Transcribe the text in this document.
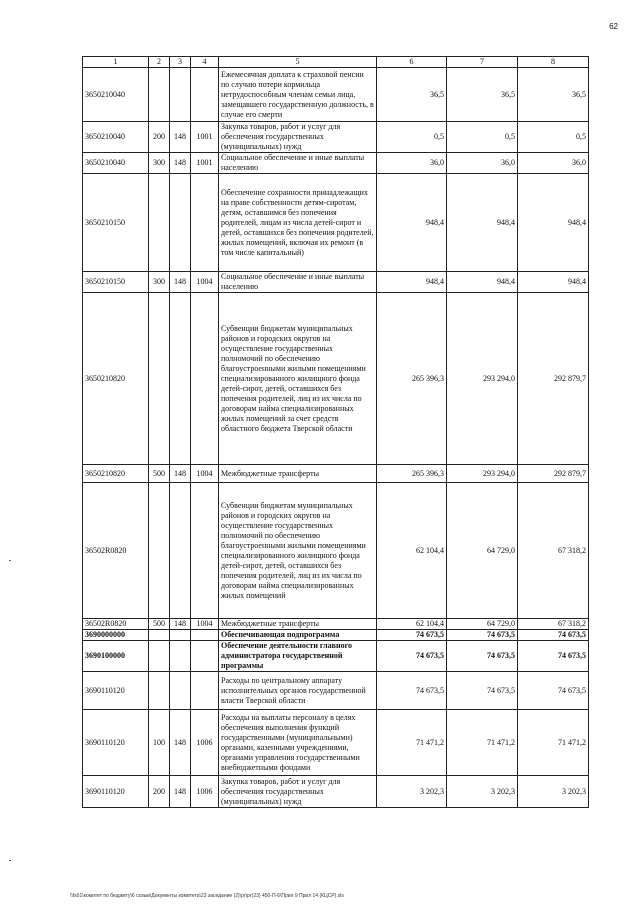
62
1	2	3	4	5	6	7	8
3650210040				Ежемесячная доплата к страховой пенсии по случаю потери кормильца нетрудоспособным членам семьи лица, замещавшего государственную должность, в случае его смерти	36,5	36,5	36,5
3650210040	200	148	1001	Закупка товаров, работ и услуг для обеспечения государственных (муниципальных) нужд	0,5	0,5	0,5
3650210040	300	148	1001	Социальное обеспечение и иные выплаты населению	36,0	36,0	36,0
3650210150				Обеспечение сохранности принадлежащих на праве собственности детям-сиротам, детям, оставшимся без попечения родителей, лицам из числа детей-сирот и детей, оставшихся без попечения родителей, жилых помещений, включая их ремонт (в том числе капитальный)	948,4	948,4	948,4
3650210150	300	148	1004	Социальное обеспечение и иные выплаты населению	948,4	948,4	948,4
3650210820				Субвенции бюджетам муниципальных районов и городских округов на осуществление государственных полномочий по обеспечению благоустроенными жилыми помещениями специализированного жилищного фонда детей-сирот, детей, оставшихся без попечения родителей, лиц из их числа по договорам найма специализированных жилых помещений за счет средств областного бюджета Тверской области	265 396,3	293 294,0	292 879,7
3650210820	500	148	1004	Межбюджетные трансферты	265 396,3	293 294,0	292 879,7
36502R0820				Субвенции бюджетам муниципальных районов и городских округов на осуществление государственных полномочий по обеспечению благоустроенными жилыми помещениями специализированного жилищного фонда детей-сирот, детей, оставшихся без попечения родителей, лиц из их числа по договорам найма специализированных жилых помещений	62 104,4	64 729,0	67 318,2
36502R0820	500	148	1004	Межбюджетные трансферты	62 104,4	64 729,0	67 318,2
3690000000				Обеспечивающая подпрограмма	74 673,5	74 673,5	74 673,5
3690100000				Обеспечение деятельности главного администратора государственной программы	74 673,5	74 673,5	74 673,5
3690110120				Расходы по центральному аппарату исполнительных органов государственной власти Тверской области	74 673,5	74 673,5	74 673,5
3690110120	100	148	1006	Расходы на выплаты персоналу в целях обеспечения выполнения функций государственными (муниципальными) органами, казенными учреждениями, органами управления государственными внебюджетными фондами	71 471,2	71 471,2	71 471,2
3690110120	200	148	1006	Закупка товаров, работ и услуг для обеспечения государственных (муниципальных) нужд	3 202,3	3 202,3	3 202,3
\\fs01\комитет по бюджету\6 созыв\Документы комитета\23 заседание (2)\рг\рг(23) 450-П-6\Прил 9 Прил 14 (КЦСР).xls
